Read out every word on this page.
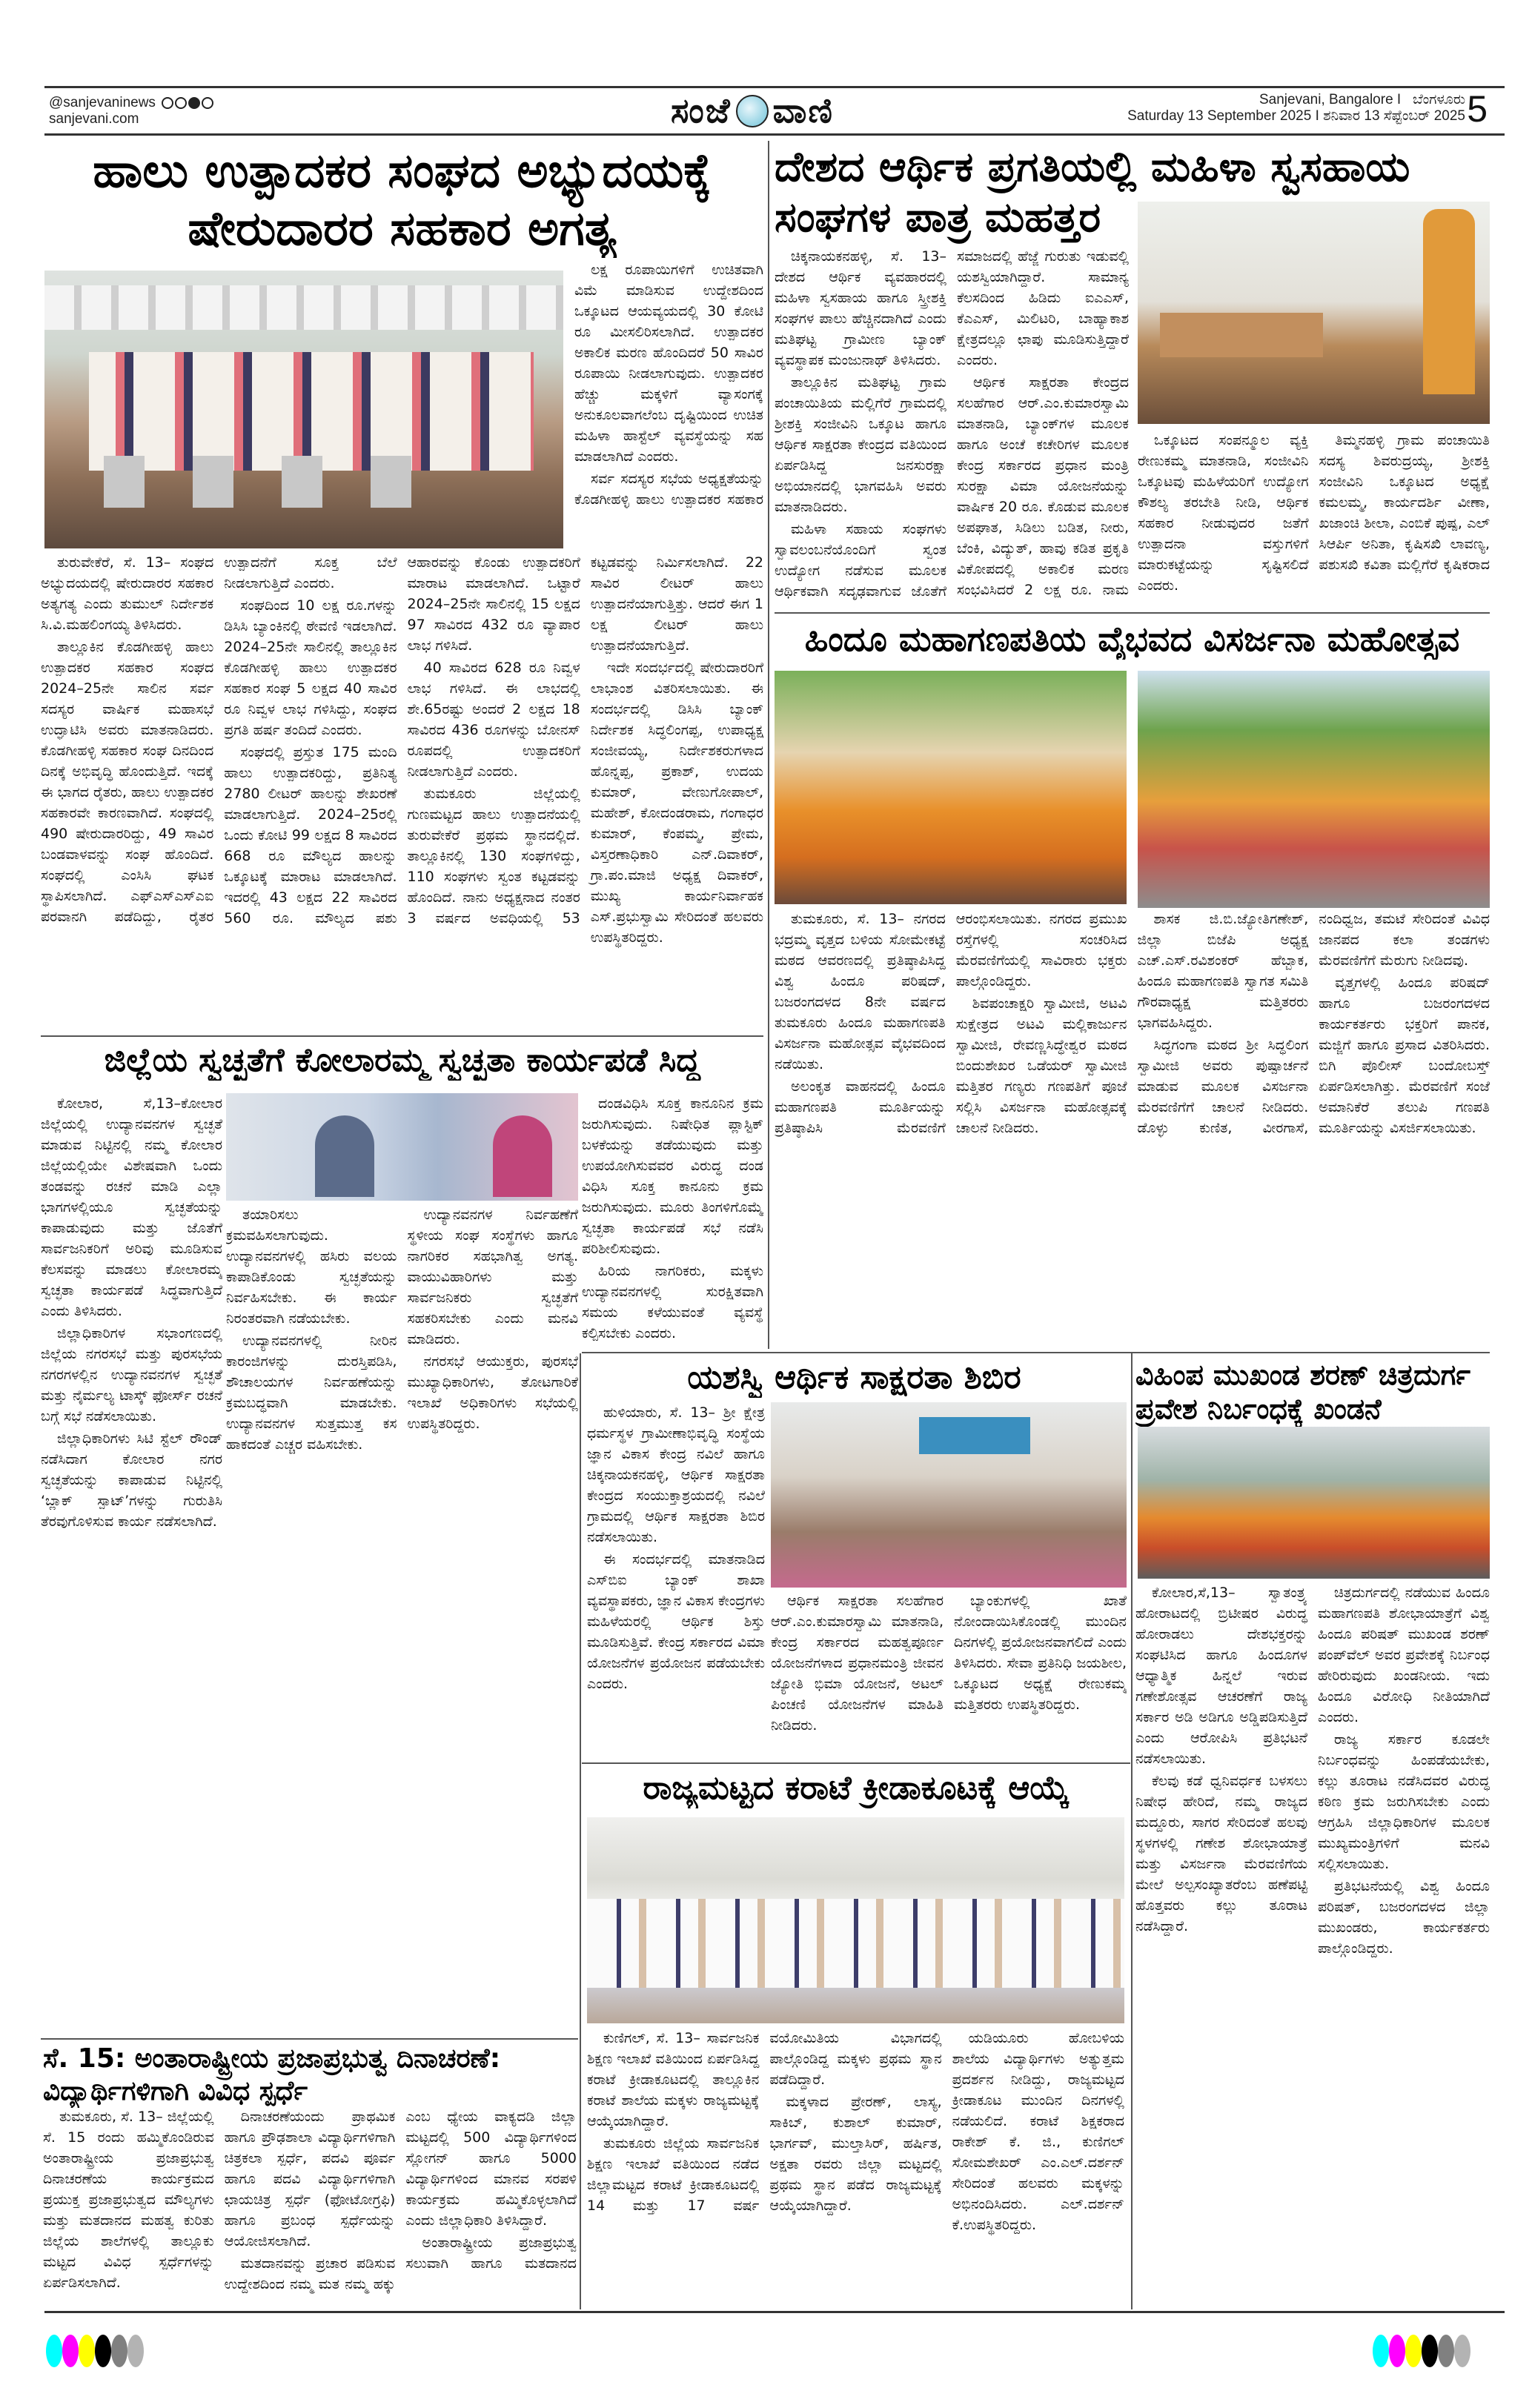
@sanjevaninews
sanjevani.com	ಸಂಜೆ ವಾಣಿ	Sanjevani, Bangalore I ಬೆಂಗಳೂರು
Saturday 13 September 2025 I ಶನಿವಾರ 13 ಸೆಪ್ಟೆಂಬರ್ 2025 5
ಹಾಲು ಉತ್ಪಾದಕರ ಸಂಘದ ಅಭ್ಯುದಯಕ್ಕೆ
ಷೇರುದಾರರ ಸಹಕಾರ ಅಗತ್ಯ

ಲಕ್ಷ ರೂಪಾಯಿಗಳಿಗೆ ಉಚಿತವಾಗಿ ವಿಮೆ ಮಾಡಿಸುವ ಉದ್ದೇಶದಿಂದ ಒಕ್ಕೂಟದ ಆಯವ್ಯಯದಲ್ಲಿ 30 ಕೋಟಿ ರೂ ಮೀಸಲಿರಿಸಲಾಗಿದೆ. ಉತ್ಪಾದಕರ ಅಕಾಲಿಕ ಮರಣ ಹೊಂದಿದರೆ 50 ಸಾವಿರ ರೂಪಾಯಿ ನೀಡಲಾಗುವುದು. ಉತ್ಪಾದಕರ ಹೆಚ್ಚು ಮಕ್ಕಳಿಗೆ ವ್ಯಾಸಂಗಕ್ಕೆ ಅನುಕೂಲವಾಗಲೆಂಬ ದೃಷ್ಟಿಯಿಂದ ಉಚಿತ ಮಹಿಳಾ ಹಾಸ್ಟೆಲ್ ವ್ಯವಸ್ಥೆಯನ್ನು ಸಹ ಮಾಡಲಾಗಿದೆ ಎಂದರು.

ಸರ್ವ ಸದಸ್ಯರ ಸಭೆಯ ಅಧ್ಯಕ್ಷತೆಯನ್ನು ಕೊಡಗೀಹಳ್ಳಿ ಹಾಲು ಉತ್ಪಾದಕರ ಸಹಕಾರ

ತುರುವೇಕೆರೆ, ಸೆ. 13– ಸಂಘದ ಅಭ್ಯುದಯದಲ್ಲಿ ಷೇರುದಾರರ ಸಹಕಾರ ಅತ್ಯಗತ್ಯ ಎಂದು ತುಮುಲ್ ನಿರ್ದೇಶಕ ಸಿ.ವಿ.ಮಹಲಿಂಗಯ್ಯ ತಿಳಿಸಿದರು.

ತಾಲ್ಲೂಕಿನ ಕೊಡಗೀಹಳ್ಳಿ ಹಾಲು ಉತ್ಪಾದಕರ ಸಹಕಾರ ಸಂಘದ 2024–25ನೇ ಸಾಲಿನ ಸರ್ವ ಸದಸ್ಯರ ವಾರ್ಷಿಕ ಮಹಾಸಭೆ ಉದ್ಘಾಟಿಸಿ ಅವರು ಮಾತನಾಡಿದರು. ಕೊಡಗೀಹಳ್ಳಿ ಸಹಕಾರ ಸಂಘ ದಿನದಿಂದ ದಿನಕ್ಕೆ ಅಭಿವೃದ್ಧಿ ಹೊಂದುತ್ತಿದೆ. ಇದಕ್ಕೆ ಈ ಭಾಗದ ರೈತರು, ಹಾಲು ಉತ್ಪಾದಕರ ಸಹಕಾರವೇ ಕಾರಣವಾಗಿದೆ. ಸಂಘದಲ್ಲಿ 490 ಷೇರುದಾರರಿದ್ದು, 49 ಸಾವಿರ ಬಂಡವಾಳವನ್ನು ಸಂಘ ಹೊಂದಿದೆ. ಸಂಘದಲ್ಲಿ ಎಂಸಿಸಿ ಘಟಕ ಸ್ಥಾಪಿಸಲಾಗಿದೆ. ಎಫ್‌ಎಸ್‌ಎಸ್‌ಎಐ ಪರವಾನಗಿ ಪಡೆದಿದ್ದು, ರೈತರ ಉತ್ಪಾದನೆಗೆ ಸೂಕ್ತ ಬೆಲೆ ನೀಡಲಾಗುತ್ತಿದೆ ಎಂದರು.

ಸಂಘದಿಂದ 10 ಲಕ್ಷ ರೂ.ಗಳನ್ನು ಡಿಸಿಸಿ ಬ್ಯಾಂಕಿನಲ್ಲಿ ಠೇವಣಿ ಇಡಲಾಗಿದೆ. 2024–25ನೇ ಸಾಲಿನಲ್ಲಿ ತಾಲ್ಲೂಕಿನ ಕೊಡಗೀಹಳ್ಳಿ ಹಾಲು ಉತ್ಪಾದಕರ ಸಹಕಾರ ಸಂಘ 5 ಲಕ್ಷದ 40 ಸಾವಿರ ರೂ ನಿವ್ವಳ ಲಾಭ ಗಳಿಸಿದ್ದು, ಸಂಘದ ಪ್ರಗತಿ ಹರ್ಷ ತಂದಿದೆ ಎಂದರು.

ಸಂಘದಲ್ಲಿ ಪ್ರಸ್ತುತ 175 ಮಂದಿ ಹಾಲು ಉತ್ಪಾದಕರಿದ್ದು, ಪ್ರತಿನಿತ್ಯ 2780 ಲೀಟರ್ ಹಾಲನ್ನು ಶೇಖರಣೆ ಮಾಡಲಾಗುತ್ತಿದೆ. 2024–25ರಲ್ಲಿ ಒಂದು ಕೋಟಿ 99 ಲಕ್ಷದ 8 ಸಾವಿರದ 668 ರೂ ಮೌಲ್ಯದ ಹಾಲನ್ನು ಒಕ್ಕೂಟಕ್ಕೆ ಮಾರಾಟ ಮಾಡಲಾಗಿದೆ. ಇದರಲ್ಲಿ 43 ಲಕ್ಷದ 22 ಸಾವಿರದ 560 ರೂ. ಮೌಲ್ಯದ ಪಶು ಆಹಾರವನ್ನು ಕೊಂಡು ಉತ್ಪಾದಕರಿಗೆ ಮಾರಾಟ ಮಾಡಲಾಗಿದೆ. ಒಟ್ಟಾರೆ 2024–25ನೇ ಸಾಲಿನಲ್ಲಿ 15 ಲಕ್ಷದ 97 ಸಾವಿರದ 432 ರೂ ವ್ಯಾಪಾರ ಲಾಭ ಗಳಿಸಿದೆ.

40 ಸಾವಿರದ 628 ರೂ ನಿವ್ವಳ ಲಾಭ ಗಳಿಸಿದೆ. ಈ ಲಾಭದಲ್ಲಿ ಶೇ.65ರಷ್ಟು ಅಂದರೆ 2 ಲಕ್ಷದ 18 ಸಾವಿರದ 436 ರೂಗಳನ್ನು ಬೋನಸ್ ರೂಪದಲ್ಲಿ ಉತ್ಪಾದಕರಿಗೆ ನೀಡಲಾಗುತ್ತಿದೆ ಎಂದರು.

ತುಮಕೂರು ಜಿಲ್ಲೆಯಲ್ಲಿ ಗುಣಮಟ್ಟದ ಹಾಲು ಉತ್ಪಾದನೆಯಲ್ಲಿ ತುರುವೇಕೆರೆ ಪ್ರಥಮ ಸ್ಥಾನದಲ್ಲಿದೆ. ತಾಲ್ಲೂಕಿನಲ್ಲಿ 130 ಸಂಘಗಳಿದ್ದು, 110 ಸಂಘಗಳು ಸ್ವಂತ ಕಟ್ಟಡವನ್ನು ಹೊಂದಿದೆ. ನಾನು ಅಧ್ಯಕ್ಷನಾದ ನಂತರ 3 ವರ್ಷದ ಅವಧಿಯಲ್ಲಿ 53 ಕಟ್ಟಡವನ್ನು ನಿರ್ಮಿಸಲಾಗಿದೆ. 22 ಸಾವಿರ ಲೀಟರ್ ಹಾಲು ಉತ್ಪಾದನೆಯಾಗುತ್ತಿತ್ತು. ಆದರೆ ಈಗ 1 ಲಕ್ಷ ಲೀಟರ್ ಹಾಲು ಉತ್ಪಾದನೆಯಾಗುತ್ತಿದೆ.

ಇದೇ ಸಂದರ್ಭದಲ್ಲಿ ಷೇರುದಾರರಿಗೆ ಲಾಭಾಂಶ ವಿತರಿಸಲಾಯಿತು. ಈ ಸಂದರ್ಭದಲ್ಲಿ ಡಿಸಿಸಿ ಬ್ಯಾಂಕ್ ನಿರ್ದೇಶಕ ಸಿದ್ಧಲಿಂಗಪ್ಪ, ಉಪಾಧ್ಯಕ್ಷ ಸಂಜೀವಯ್ಯ, ನಿರ್ದೇಶಕರುಗಳಾದ ಹೊನ್ನಪ್ಪ, ಪ್ರಕಾಶ್, ಉದಯ ಕುಮಾರ್, ವೇಣುಗೋಪಾಲ್, ಮಹೇಶ್, ಕೋದಂಡರಾಮ, ಗಂಗಾಧರ ಕುಮಾರ್, ಕೆಂಪಮ್ಮ, ಪ್ರೇಮ, ವಿಸ್ತರಣಾಧಿಕಾರಿ ಎನ್.ದಿವಾಕರ್, ಗ್ರಾ.ಪಂ.ಮಾಜಿ ಅಧ್ಯಕ್ಷ ದಿವಾಕರ್, ಮುಖ್ಯ ಕಾರ್ಯನಿರ್ವಾಹಕ ಎಸ್.ಪ್ರಭುಸ್ವಾಮಿ ಸೇರಿದಂತೆ ಹಲವರು ಉಪಸ್ಥಿತರಿದ್ದರು.

ದೇಶದ ಆರ್ಥಿಕ ಪ್ರಗತಿಯಲ್ಲಿ ಮಹಿಳಾ ಸ್ವಸಹಾಯ
ಸಂಘಗಳ ಪಾತ್ರ ಮಹತ್ತರ

ಚಿಕ್ಕನಾಯಕನಹಳ್ಳಿ, ಸೆ. 13– ದೇಶದ ಆರ್ಥಿಕ ವ್ಯವಹಾರದಲ್ಲಿ ಮಹಿಳಾ ಸ್ವಸಹಾಯ ಹಾಗೂ ಸ್ತ್ರೀಶಕ್ತಿ ಸಂಘಗಳ ಪಾಲು ಹೆಚ್ಚಿನದಾಗಿದೆ ಎಂದು ಮತಿಘಟ್ಟ ಗ್ರಾಮೀಣ ಬ್ಯಾಂಕ್ ವ್ಯವಸ್ಥಾಪಕ ಮಂಜುನಾಥ್ ತಿಳಿಸಿದರು.

ತಾಲ್ಲೂಕಿನ ಮತಿಘಟ್ಟ ಗ್ರಾಮ ಪಂಚಾಯಿತಿಯ ಮಲ್ಲಿಗೆರೆ ಗ್ರಾಮದಲ್ಲಿ ಶ್ರೀಶಕ್ತಿ ಸಂಜೀವಿನಿ ಒಕ್ಕೂಟ ಹಾಗೂ ಆರ್ಥಿಕ ಸಾಕ್ಷರತಾ ಕೇಂದ್ರದ ವತಿಯಿಂದ ಏರ್ಪಡಿಸಿದ್ದ ಜನಸುರಕ್ಷಾ ಅಭಿಯಾನದಲ್ಲಿ ಭಾಗವಹಿಸಿ ಅವರು ಮಾತನಾಡಿದರು.

ಮಹಿಳಾ ಸಹಾಯ ಸಂಘಗಳು ಸ್ವಾವಲಂಬನೆಯೊಂದಿಗೆ ಸ್ವಂತ ಉದ್ಯೋಗ ನಡೆಸುವ ಮೂಲಕ ಆರ್ಥಿಕವಾಗಿ ಸದೃಢವಾಗುವ ಜೊತೆಗೆ ಸಮಾಜದಲ್ಲಿ ಹೆಜ್ಜೆ ಗುರುತು ಇಡುವಲ್ಲಿ ಯಶಸ್ವಿಯಾಗಿದ್ದಾರೆ. ಸಾಮಾನ್ಯ ಕೆಲಸದಿಂದ ಹಿಡಿದು ಐಎಎಸ್, ಕೆಎಎಸ್, ಮಿಲಿಟರಿ, ಬಾಹ್ಯಾಕಾಶ ಕ್ಷೇತ್ರದಲ್ಲೂ ಛಾಪು ಮೂಡಿಸುತ್ತಿದ್ದಾರೆ ಎಂದರು.

ಆರ್ಥಿಕ ಸಾಕ್ಷರತಾ ಕೇಂದ್ರದ ಸಲಹೆಗಾರ ಆರ್.ಎಂ.ಕುಮಾರಸ್ವಾಮಿ ಮಾತನಾಡಿ, ಬ್ಯಾಂಕ್‌ಗಳ ಮೂಲಕ ಹಾಗೂ ಅಂಚೆ ಕಚೇರಿಗಳ ಮೂಲಕ ಕೇಂದ್ರ ಸರ್ಕಾರದ ಪ್ರಧಾನ ಮಂತ್ರಿ ಸುರಕ್ಷಾ ವಿಮಾ ಯೋಜನೆಯನ್ನು ವಾರ್ಷಿಕ 20 ರೂ. ಕೊಡುವ ಮೂಲಕ ಅಪಘಾತ, ಸಿಡಿಲು ಬಡಿತ, ನೀರು, ಬೆಂಕಿ, ವಿದ್ಯುತ್, ಹಾವು ಕಡಿತ ಪ್ರಕೃತಿ ವಿಕೋಪದಲ್ಲಿ ಅಕಾಲಿಕ ಮರಣ ಸಂಭವಿಸಿದರೆ 2 ಲಕ್ಷ ರೂ. ನಾಮ

ಒಕ್ಕೂಟದ ಸಂಪನ್ಮೂಲ ವ್ಯಕ್ತಿ ರೇಣುಕಮ್ಮ ಮಾತನಾಡಿ, ಸಂಜೀವಿನಿ ಒಕ್ಕೂಟವು ಮಹಿಳೆಯರಿಗೆ ಉದ್ಯೋಗ ಕೌಶಲ್ಯ ತರಬೇತಿ ನೀಡಿ, ಆರ್ಥಿಕ ಸಹಕಾರ ನೀಡುವುದರ ಜತೆಗೆ ಉತ್ಪಾದನಾ ವಸ್ತುಗಳಿಗೆ ಮಾರುಕಟ್ಟೆಯನ್ನು ಸೃಷ್ಟಿಸಲಿದೆ ಎಂದರು.

ತಿಮ್ಮನಹಳ್ಳಿ ಗ್ರಾಮ ಪಂಚಾಯಿತಿ ಸದಸ್ಯ ಶಿವರುದ್ರಯ್ಯ, ಶ್ರೀಶಕ್ತಿ ಸಂಜೀವಿನಿ ಒಕ್ಕೂಟದ ಅಧ್ಯಕ್ಷೆ ಕಮಲಮ್ಮ, ಕಾರ್ಯದರ್ಶಿ ವೀಣಾ, ಖಜಾಂಚಿ ಶೀಲಾ, ಎಂಬಿಕೆ ಪುಷ್ಪ, ಎಲ್ ಸಿಆರ್ಪಿ ಅನಿತಾ, ಕೃಷಿಸಖಿ ಲಾವಣ್ಯ, ಪಶುಸಖಿ ಕವಿತಾ ಮಲ್ಲಿಗೆರೆ ಕೃಷಿಕರಾದ

ಹಿಂದೂ ಮಹಾಗಣಪತಿಯ ವೈಭವದ ವಿಸರ್ಜನಾ ಮಹೋತ್ಸವ

ತುಮಕೂರು, ಸೆ. 13– ನಗರದ ಭದ್ರಮ್ಮ ವೃತ್ತದ ಬಳಿಯ ಸೋಮೇಕಟ್ಟೆ ಮಠದ ಆವರಣದಲ್ಲಿ ಪ್ರತಿಷ್ಠಾಪಿಸಿದ್ದ ವಿಶ್ವ ಹಿಂದೂ ಪರಿಷದ್, ಬಜರಂಗದಳದ 8ನೇ ವರ್ಷದ ತುಮಕೂರು ಹಿಂದೂ ಮಹಾಗಣಪತಿ ವಿಸರ್ಜನಾ ಮಹೋತ್ಸವ ವೈಭವದಿಂದ ನಡೆಯಿತು.

ಅಲಂಕೃತ ವಾಹನದಲ್ಲಿ ಹಿಂದೂ ಮಹಾಗಣಪತಿ ಮೂರ್ತಿಯನ್ನು ಪ್ರತಿಷ್ಠಾಪಿಸಿ ಮೆರವಣಿಗೆ ಆರಂಭಿಸಲಾಯಿತು. ನಗರದ ಪ್ರಮುಖ ರಸ್ತೆಗಳಲ್ಲಿ ಸಂಚರಿಸಿದ ಮೆರವಣಿಗೆಯಲ್ಲಿ ಸಾವಿರಾರು ಭಕ್ತರು ಪಾಲ್ಗೊಂಡಿದ್ದರು.

ಶಿವಪಂಚಾಕ್ಷರಿ ಸ್ವಾಮೀಜಿ, ಅಟವಿ ಸುಕ್ಷೇತ್ರದ ಅಟವಿ ಮಲ್ಲಿಕಾರ್ಜುನ ಸ್ವಾಮೀಜಿ, ರೇವಣ್ಣಸಿದ್ಧೇಶ್ವರ ಮಠದ ಬಿಂದುಶೇಖರ ಒಡೆಯರ್ ಸ್ವಾಮೀಜಿ ಮತ್ತಿತರ ಗಣ್ಯರು ಗಣಪತಿಗೆ ಪೂಜೆ ಸಲ್ಲಿಸಿ ವಿಸರ್ಜನಾ ಮಹೋತ್ಸವಕ್ಕೆ ಚಾಲನೆ ನೀಡಿದರು.

ಶಾಸಕ ಜಿ.ಬಿ.ಜ್ಯೋತಿಗಣೇಶ್, ಜಿಲ್ಲಾ ಬಿಜೆಪಿ ಅಧ್ಯಕ್ಷ ಎಚ್.ಎಸ್.ರವಿಶಂಕರ್ ಹೆಬ್ಬಾಕ, ಹಿಂದೂ ಮಹಾಗಣಪತಿ ಸ್ವಾಗತ ಸಮಿತಿ ಗೌರವಾಧ್ಯಕ್ಷ ಮತ್ತಿತರರು ಭಾಗವಹಿಸಿದ್ದರು.

ಸಿದ್ಧಗಂಗಾ ಮಠದ ಶ್ರೀ ಸಿದ್ಧಲಿಂಗ ಸ್ವಾಮೀಜಿ ಅವರು ಪುಷ್ಪಾರ್ಚನೆ ಮಾಡುವ ಮೂಲಕ ವಿಸರ್ಜನಾ ಮೆರವಣಿಗೆಗೆ ಚಾಲನೆ ನೀಡಿದರು. ಡೊಳ್ಳು ಕುಣಿತ, ವೀರಗಾಸೆ, ನಂದಿಧ್ವಜ, ತಮಟೆ ಸೇರಿದಂತೆ ವಿವಿಧ ಜಾನಪದ ಕಲಾ ತಂಡಗಳು ಮೆರವಣಿಗೆಗೆ ಮೆರುಗು ನೀಡಿದವು.

ವೃತ್ತಗಳಲ್ಲಿ ಹಿಂದೂ ಪರಿಷದ್ ಹಾಗೂ ಬಜರಂಗದಳದ ಕಾರ್ಯಕರ್ತರು ಭಕ್ತರಿಗೆ ಪಾನಕ, ಮಜ್ಜಿಗೆ ಹಾಗೂ ಪ್ರಸಾದ ವಿತರಿಸಿದರು. ಬಿಗಿ ಪೊಲೀಸ್ ಬಂದೋಬಸ್ತ್ ಏರ್ಪಡಿಸಲಾಗಿತ್ತು. ಮೆರವಣಿಗೆ ಸಂಜೆ ಅಮಾನಿಕೆರೆ ತಲುಪಿ ಗಣಪತಿ ಮೂರ್ತಿಯನ್ನು ವಿಸರ್ಜಿಸಲಾಯಿತು.

ಜಿಲ್ಲೆಯ ಸ್ವಚ್ಛತೆಗೆ ಕೋಲಾರಮ್ಮ ಸ್ವಚ್ಛತಾ ಕಾರ್ಯಪಡೆ ಸಿದ್ಧ

ಕೋಲಾರ, ಸೆ,13–ಕೋಲಾರ ಜಿಲ್ಲೆಯಲ್ಲಿ ಉದ್ಯಾನವನಗಳ ಸ್ವಚ್ಛತೆ ಮಾಡುವ ನಿಟ್ಟಿನಲ್ಲಿ ನಮ್ಮ ಕೋಲಾರ ಜಿಲ್ಲೆಯಲ್ಲಿಯೇ ವಿಶೇಷವಾಗಿ ಒಂದು ತಂಡವನ್ನು ರಚನೆ ಮಾಡಿ ಎಲ್ಲಾ ಭಾಗಗಳಲ್ಲಿಯೂ ಸ್ವಚ್ಛತೆಯನ್ನು ಕಾಪಾಡುವುದು ಮತ್ತು ಜೊತೆಗೆ ಸಾರ್ವಜನಿಕರಿಗೆ ಅರಿವು ಮೂಡಿಸುವ ಕೆಲಸವನ್ನು ಮಾಡಲು ಕೋಲಾರಮ್ಮ ಸ್ವಚ್ಛತಾ ಕಾರ್ಯಪಡೆ ಸಿದ್ಧವಾಗುತ್ತಿದೆ ಎಂದು ತಿಳಿಸಿದರು.

ಜಿಲ್ಲಾಧಿಕಾರಿಗಳ ಸಭಾಂಗಣದಲ್ಲಿ ಜಿಲ್ಲೆಯ ನಗರಸಭೆ ಮತ್ತು ಪುರಸಭೆಯ ನಗರಗಳಲ್ಲಿನ ಉದ್ಯಾನವನಗಳ ಸ್ವಚ್ಛತೆ ಮತ್ತು ನೈರ್ಮಲ್ಯ ಟಾಸ್ಕ್ ಫೋರ್ಸ್ ರಚನೆ ಬಗ್ಗೆ ಸಭೆ ನಡೆಸಲಾಯಿತು.

ಜಿಲ್ಲಾಧಿಕಾರಿಗಳು ಸಿಟಿ ಸ್ಟೆಲ್ ರೌಂಡ್ ನಡೆಸಿದಾಗ ಕೋಲಾರ ನಗರ ಸ್ವಚ್ಛತೆಯನ್ನು ಕಾಪಾಡುವ ನಿಟ್ಟಿನಲ್ಲಿ ‘ಬ್ಲಾಕ್ ಸ್ಪಾಟ್’ಗಳನ್ನು ಗುರುತಿಸಿ ತೆರವುಗೊಳಿಸುವ ಕಾರ್ಯ ನಡೆಸಲಾಗಿದೆ.

ತಯಾರಿಸಲು ಕ್ರಮವಹಿಸಲಾಗುವುದು. ಉದ್ಯಾನವನಗಳಲ್ಲಿ ಹಸಿರು ವಲಯ ಕಾಪಾಡಿಕೊಂಡು ಸ್ವಚ್ಛತೆಯನ್ನು ನಿರ್ವಹಿಸಬೇಕು. ಈ ಕಾರ್ಯ ನಿರಂತರವಾಗಿ ನಡೆಯಬೇಕು.

ಉದ್ಯಾನವನಗಳಲ್ಲಿ ನೀರಿನ ಕಾರಂಜಿಗಳನ್ನು ದುರಸ್ತಿಪಡಿಸಿ, ಶೌಚಾಲಯಗಳ ನಿರ್ವಹಣೆಯನ್ನು ಕ್ರಮಬದ್ಧವಾಗಿ ಮಾಡಬೇಕು. ಉದ್ಯಾನವನಗಳ ಸುತ್ತಮುತ್ತ ಕಸ ಹಾಕದಂತೆ ಎಚ್ಚರ ವಹಿಸಬೇಕು.

ಉದ್ಯಾನವನಗಳ ನಿರ್ವಹಣೆಗೆ ಸ್ಥಳೀಯ ಸಂಘ ಸಂಸ್ಥೆಗಳು ಹಾಗೂ ನಾಗರಿಕರ ಸಹಭಾಗಿತ್ವ ಅಗತ್ಯ. ವಾಯುವಿಹಾರಿಗಳು ಮತ್ತು ಸಾರ್ವಜನಿಕರು ಸ್ವಚ್ಛತೆಗೆ ಸಹಕರಿಸಬೇಕು ಎಂದು ಮನವಿ ಮಾಡಿದರು.

ನಗರಸಭೆ ಆಯುಕ್ತರು, ಪುರಸಭೆ ಮುಖ್ಯಾಧಿಕಾರಿಗಳು, ತೋಟಗಾರಿಕೆ ಇಲಾಖೆ ಅಧಿಕಾರಿಗಳು ಸಭೆಯಲ್ಲಿ ಉಪಸ್ಥಿತರಿದ್ದರು.

ದಂಡವಿಧಿಸಿ ಸೂಕ್ತ ಕಾನೂನಿನ ಕ್ರಮ ಜರುಗಿಸುವುದು. ನಿಷೇಧಿತ ಪ್ಲಾಸ್ಟಿಕ್ ಬಳಕೆಯನ್ನು ತಡೆಯುವುದು ಮತ್ತು ಉಪಯೋಗಿಸುವವರ ವಿರುದ್ಧ ದಂಡ ವಿಧಿಸಿ ಸೂಕ್ತ ಕಾನೂನು ಕ್ರಮ ಜರುಗಿಸುವುದು. ಮೂರು ತಿಂಗಳಿಗೊಮ್ಮೆ ಸ್ವಚ್ಛತಾ ಕಾರ್ಯಪಡೆ ಸಭೆ ನಡೆಸಿ ಪರಿಶೀಲಿಸುವುದು.

ಹಿರಿಯ ನಾಗರಿಕರು, ಮಕ್ಕಳು ಉದ್ಯಾನವನಗಳಲ್ಲಿ ಸುರಕ್ಷಿತವಾಗಿ ಸಮಯ ಕಳೆಯುವಂತೆ ವ್ಯವಸ್ಥೆ ಕಲ್ಪಿಸಬೇಕು ಎಂದರು.

ಯಶಸ್ವಿ ಆರ್ಥಿಕ ಸಾಕ್ಷರತಾ ಶಿಬಿರ

ಹುಳಿಯಾರು, ಸೆ. 13– ಶ್ರೀ ಕ್ಷೇತ್ರ ಧರ್ಮಸ್ಥಳ ಗ್ರಾಮೀಣಾಭಿವೃದ್ಧಿ ಸಂಸ್ಥೆಯ ಜ್ಞಾನ ವಿಕಾಸ ಕೇಂದ್ರ ನವಿಲೆ ಹಾಗೂ ಚಿಕ್ಕನಾಯಕನಹಳ್ಳಿ, ಆರ್ಥಿಕ ಸಾಕ್ಷರತಾ ಕೇಂದ್ರದ ಸಂಯುಕ್ತಾಶ್ರಯದಲ್ಲಿ ನವಿಲೆ ಗ್ರಾಮದಲ್ಲಿ ಆರ್ಥಿಕ ಸಾಕ್ಷರತಾ ಶಿಬಿರ ನಡೆಸಲಾಯಿತು.

ಈ ಸಂದರ್ಭದಲ್ಲಿ ಮಾತನಾಡಿದ ಎಸ್‌ಬಿಐ ಬ್ಯಾಂಕ್ ಶಾಖಾ ವ್ಯವಸ್ಥಾಪಕರು, ಜ್ಞಾನ ವಿಕಾಸ ಕೇಂದ್ರಗಳು ಮಹಿಳೆಯರಲ್ಲಿ ಆರ್ಥಿಕ ಶಿಸ್ತು ಮೂಡಿಸುತ್ತಿವೆ. ಕೇಂದ್ರ ಸರ್ಕಾರದ ವಿಮಾ ಯೋಜನೆಗಳ ಪ್ರಯೋಜನ ಪಡೆಯಬೇಕು ಎಂದರು.

ಆರ್ಥಿಕ ಸಾಕ್ಷರತಾ ಸಲಹೆಗಾರ ಆರ್.ಎಂ.ಕುಮಾರಸ್ವಾಮಿ ಮಾತನಾಡಿ, ಕೇಂದ್ರ ಸರ್ಕಾರದ ಮಹತ್ವಪೂರ್ಣ ಯೋಜನೆಗಳಾದ ಪ್ರಧಾನಮಂತ್ರಿ ಜೀವನ ಜ್ಯೋತಿ ಭಿಮಾ ಯೋಜನೆ, ಅಟಲ್ ಪಿಂಚಣಿ ಯೋಜನೆಗಳ ಮಾಹಿತಿ ನೀಡಿದರು.

ಬ್ಯಾಂಕುಗಳಲ್ಲಿ ಖಾತೆ ನೋಂದಾಯಿಸಿಕೊಂಡಲ್ಲಿ ಮುಂದಿನ ದಿನಗಳಲ್ಲಿ ಪ್ರಯೋಜನವಾಗಲಿದೆ ಎಂದು ತಿಳಿಸಿದರು. ಸೇವಾ ಪ್ರತಿನಿಧಿ ಜಯಶೀಲ, ಒಕ್ಕೂಟದ ಅಧ್ಯಕ್ಷೆ ರೇಣುಕಮ್ಮ ಮತ್ತಿತರರು ಉಪಸ್ಥಿತರಿದ್ದರು.

ವಿಹಿಂಪ ಮುಖಂಡ ಶರಣ್ ಚಿತ್ರದುರ್ಗ
ಪ್ರವೇಶ ನಿರ್ಬಂಧಕ್ಕೆ ಖಂಡನೆ

ಕೋಲಾರ,ಸೆ,13– ಸ್ವಾತಂತ್ರ್ಯ ಹೋರಾಟದಲ್ಲಿ ಬ್ರಿಟೀಷರ ವಿರುದ್ಧ ಹೋರಾಡಲು ದೇಶಭಕ್ತರನ್ನು ಸಂಘಟಿಸಿದ ಹಾಗೂ ಹಿಂದೂಗಳ ಆಧ್ಯಾತ್ಮಿಕ ಹಿನ್ನಲೆ ಇರುವ ಗಣೇಶೋತ್ಸವ ಆಚರಣೆಗೆ ರಾಜ್ಯ ಸರ್ಕಾರ ಅಡಿ ಅಡಿಗೂ ಅಡ್ಡಿಪಡಿಸುತ್ತಿದೆ ಎಂದು ಆರೋಪಿಸಿ ಪ್ರತಿಭಟನೆ ನಡೆಸಲಾಯಿತು.

ಕೆಲವು ಕಡೆ ಧ್ವನಿವರ್ಧಕ ಬಳಸಲು ನಿಷೇಧ ಹೇರಿದೆ, ನಮ್ಮ ರಾಜ್ಯದ ಮದ್ದೂರು, ಸಾಗರ ಸೇರಿದಂತೆ ಹಲವು ಸ್ಥಳಗಳಲ್ಲಿ ಗಣೇಶ ಶೋಭಾಯಾತ್ರೆ ಮತ್ತು ವಿಸರ್ಜನಾ ಮೆರವಣಿಗೆಯ ಮೇಲೆ ಅಲ್ಪಸಂಖ್ಯಾತರೆಂಬ ಹಣೆಪಟ್ಟಿ ಹೊತ್ತವರು ಕಲ್ಲು ತೂರಾಟ ನಡೆಸಿದ್ದಾರೆ.

ಚಿತ್ರದುರ್ಗದಲ್ಲಿ ನಡೆಯುವ ಹಿಂದೂ ಮಹಾಗಣಪತಿ ಶೋಭಾಯಾತ್ರೆಗೆ ವಿಶ್ವ ಹಿಂದೂ ಪರಿಷತ್ ಮುಖಂಡ ಶರಣ್ ಪಂಪ್‌ವೆಲ್ ಅವರ ಪ್ರವೇಶಕ್ಕೆ ನಿರ್ಬಂಧ ಹೇರಿರುವುದು ಖಂಡನೀಯ. ಇದು ಹಿಂದೂ ವಿರೋಧಿ ನೀತಿಯಾಗಿದೆ ಎಂದರು.

ರಾಜ್ಯ ಸರ್ಕಾರ ಕೂಡಲೇ ನಿರ್ಬಂಧವನ್ನು ಹಿಂಪಡೆಯಬೇಕು, ಕಲ್ಲು ತೂರಾಟ ನಡೆಸಿದವರ ವಿರುದ್ಧ ಕಠಿಣ ಕ್ರಮ ಜರುಗಿಸಬೇಕು ಎಂದು ಆಗ್ರಹಿಸಿ ಜಿಲ್ಲಾಧಿಕಾರಿಗಳ ಮೂಲಕ ಮುಖ್ಯಮಂತ್ರಿಗಳಿಗೆ ಮನವಿ ಸಲ್ಲಿಸಲಾಯಿತು.

ಪ್ರತಿಭಟನೆಯಲ್ಲಿ ವಿಶ್ವ ಹಿಂದೂ ಪರಿಷತ್, ಬಜರಂಗದಳದ ಜಿಲ್ಲಾ ಮುಖಂಡರು, ಕಾರ್ಯಕರ್ತರು ಪಾಲ್ಗೊಂಡಿದ್ದರು.

ರಾಜ್ಯಮಟ್ಟದ ಕರಾಟೆ ಕ್ರೀಡಾಕೂಟಕ್ಕೆ ಆಯ್ಕೆ

ಕುಣಿಗಲ್, ಸೆ. 13– ಸಾರ್ವಜನಿಕ ಶಿಕ್ಷಣ ಇಲಾಖೆ ವತಿಯಿಂದ ಏರ್ಪಡಿಸಿದ್ದ ಕರಾಟೆ ಕ್ರೀಡಾಕೂಟದಲ್ಲಿ ತಾಲ್ಲೂಕಿನ ಕರಾಟೆ ಶಾಲೆಯ ಮಕ್ಕಳು ರಾಜ್ಯಮಟ್ಟಕ್ಕೆ ಆಯ್ಕೆಯಾಗಿದ್ದಾರೆ.

ತುಮಕೂರು ಜಿಲ್ಲೆಯ ಸಾರ್ವಜನಿಕ ಶಿಕ್ಷಣ ಇಲಾಖೆ ವತಿಯಿಂದ ನಡೆದ ಜಿಲ್ಲಾಮಟ್ಟದ ಕರಾಟೆ ಕ್ರೀಡಾಕೂಟದಲ್ಲಿ 14 ಮತ್ತು 17 ವರ್ಷ ವಯೋಮಿತಿಯ ವಿಭಾಗದಲ್ಲಿ ಪಾಲ್ಗೊಂಡಿದ್ದ ಮಕ್ಕಳು ಪ್ರಥಮ ಸ್ಥಾನ ಪಡೆದಿದ್ದಾರೆ.

ಮಕ್ಕಳಾದ ಪ್ರೇರಣ್, ಲಾಸ್ಯ, ಸಾಕಿಬ್, ಕುಶಾಲ್ ಕುಮಾರ್, ಭಾರ್ಗವ್, ಮುಲ್ತಾಸಿರ್, ಹರ್ಷಿತ, ಅಕ್ಷತಾ ರವರು ಜಿಲ್ಲಾ ಮಟ್ಟದಲ್ಲಿ ಪ್ರಥಮ ಸ್ಥಾನ ಪಡೆದ ರಾಜ್ಯಮಟ್ಟಕ್ಕೆ ಆಯ್ಕೆಯಾಗಿದ್ದಾರೆ.

ಯಡಿಯೂರು ಹೋಬಳಿಯ ಶಾಲೆಯ ವಿದ್ಯಾರ್ಥಿಗಳು ಅತ್ಯುತ್ತಮ ಪ್ರದರ್ಶನ ನೀಡಿದ್ದು, ರಾಜ್ಯಮಟ್ಟದ ಕ್ರೀಡಾಕೂಟ ಮುಂದಿನ ದಿನಗಳಲ್ಲಿ ನಡೆಯಲಿದೆ. ಕರಾಟೆ ಶಿಕ್ಷಕರಾದ ರಾಕೇಶ್ ಕೆ. ಜಿ., ಕುಣಿಗಲ್ ಸೋಮಶೇಖರ್ ಎಂ.ಎಲ್.ದರ್ಶನ್ ಸೇರಿದಂತೆ ಹಲವರು ಮಕ್ಕಳನ್ನು ಅಭಿನಂದಿಸಿದರು. ಎಲ್.ದರ್ಶನ್ ಕೆ.ಉಪಸ್ಥಿತರಿದ್ದರು.

ಸೆ. 15: ಅಂತಾರಾಷ್ಟ್ರೀಯ ಪ್ರಜಾಪ್ರಭುತ್ವ ದಿನಾಚರಣೆ:
ವಿದ್ಯಾರ್ಥಿಗಳಿಗಾಗಿ ವಿವಿಧ ಸ್ಪರ್ಧೆ

ತುಮಕೂರು, ಸೆ. 13– ಜಿಲ್ಲೆಯಲ್ಲಿ ಸೆ. 15 ರಂದು ಹಮ್ಮಿಕೊಂಡಿರುವ ಅಂತಾರಾಷ್ಟ್ರೀಯ ಪ್ರಜಾಪ್ರಭುತ್ವ ದಿನಾಚರಣೆಯ ಕಾರ್ಯಕ್ರಮದ ಪ್ರಯುಕ್ತ ಪ್ರಜಾಪ್ರಭುತ್ವದ ಮೌಲ್ಯಗಳು ಮತ್ತು ಮತದಾನದ ಮಹತ್ವ ಕುರಿತು ಜಿಲ್ಲೆಯ ಶಾಲೆಗಳಲ್ಲಿ ತಾಲ್ಲೂಕು ಮಟ್ಟದ ವಿವಿಧ ಸ್ಪರ್ಧೆಗಳನ್ನು ಏರ್ಪಡಿಸಲಾಗಿದೆ.

ದಿನಾಚರಣೆಯಂದು ಪ್ರಾಥಮಿಕ ಹಾಗೂ ಪ್ರೌಢಶಾಲಾ ವಿದ್ಯಾರ್ಥಿಗಳಿಗಾಗಿ ಚಿತ್ರಕಲಾ ಸ್ಪರ್ಧೆ, ಪದವಿ ಪೂರ್ವ ಹಾಗೂ ಪದವಿ ವಿದ್ಯಾರ್ಥಿಗಳಿಗಾಗಿ ಛಾಯಚಿತ್ರ ಸ್ಪರ್ಧೆ (ಫೋಟೋಗ್ರಫಿ) ಹಾಗೂ ಪ್ರಬಂಧ ಸ್ಪರ್ಧೆಯನ್ನು ಆಯೋಜಿಸಲಾಗಿದೆ.

ಮತದಾನವನ್ನು ಪ್ರಚಾರ ಪಡಿಸುವ ಉದ್ದೇಶದಿಂದ ನಮ್ಮ ಮತ ನಮ್ಮ ಹಕ್ಕು ಎಂಬ ಧ್ಯೇಯ ವಾಕ್ಯದಡಿ ಜಿಲ್ಲಾ ಮಟ್ಟದಲ್ಲಿ 500 ವಿದ್ಯಾರ್ಥಿಗಳಿಂದ ಸ್ಲೋಗನ್ ಹಾಗೂ 5000 ವಿದ್ಯಾರ್ಥಿಗಳಿಂದ ಮಾನವ ಸರಪಳಿ ಕಾರ್ಯಕ್ರಮ ಹಮ್ಮಿಕೊಳ್ಳಲಾಗಿದೆ ಎಂದು ಜಿಲ್ಲಾಧಿಕಾರಿ ತಿಳಿಸಿದ್ದಾರೆ.

ಅಂತಾರಾಷ್ಟ್ರೀಯ ಪ್ರಜಾಪ್ರಭುತ್ವ ಸಲುವಾಗಿ ಹಾಗೂ ಮತದಾನದ
